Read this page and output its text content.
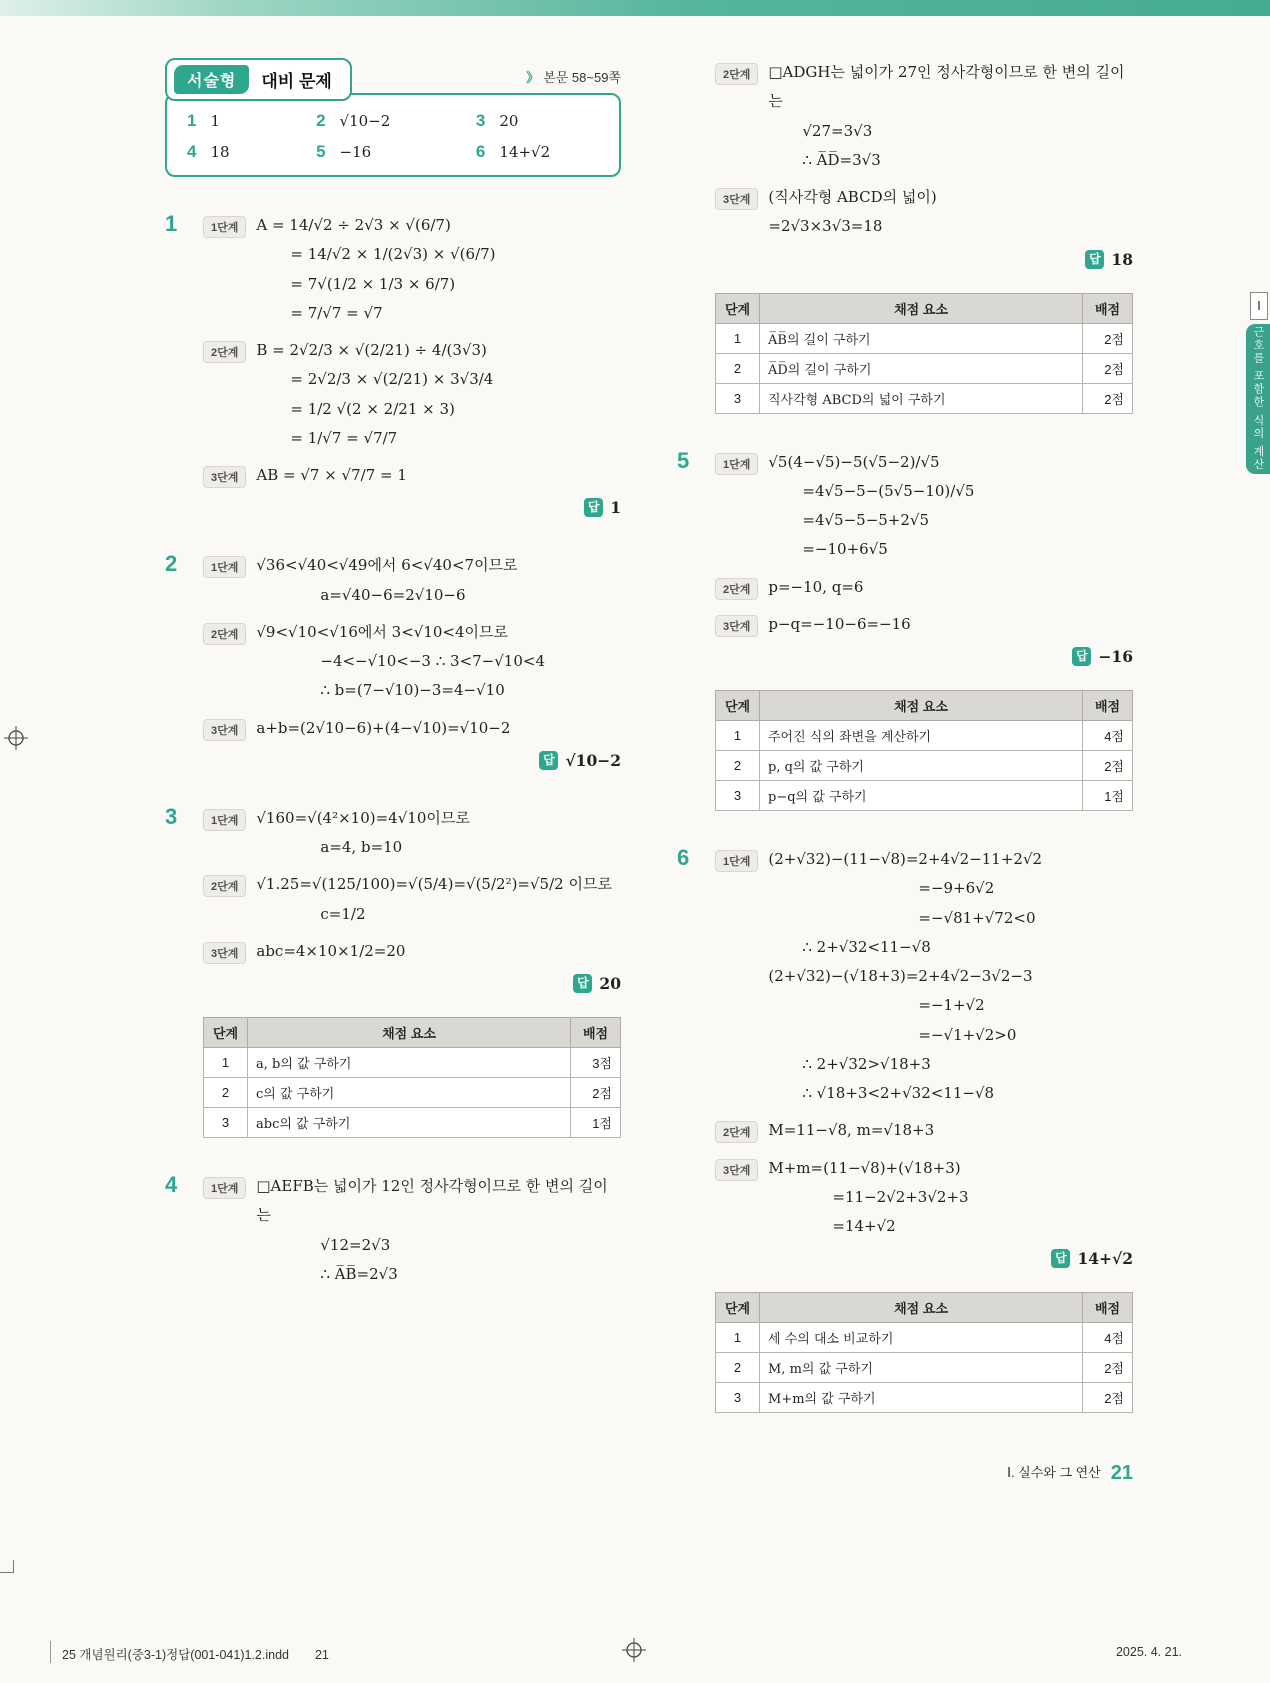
서술형	대비 문제	》 본문 58~59쪽
1 1	2 √10−2	3 20
4 18	5 −16	6 14+√2
1	1단계	A = 14/√2 ÷ 2√3 × √(6/7)
= 14/√2 × 1/(2√3) × √(6/7)
= 7√(1/2 × 1/3 × 6/7)
= 7/√7 = √7
2단계	B = 2√2/3 × √(2/21) ÷ 4/(3√3)
= 2√2/3 × √(2/21) × 3√3/4
= 1/2 √(2 × 2/21 × 3)
= 1/√7 = √7/7
3단계	AB = √7 × √7/7 = 1
답 1
2	1단계	√36<√40<√49에서 6<√40<7이므로
a=√40−6=2√10−6
2단계	√9<√10<√16에서 3<√10<4이므로
−4<−√10<−3 ∴ 3<7−√10<4
∴ b=(7−√10)−3=4−√10
3단계	a+b=(2√10−6)+(4−√10)=√10−2
답 √10−2
3	1단계	√160=√(4²×10)=4√10이므로
a=4, b=10
2단계	√1.25=√(125/100)=√(5/4)=√(5/2²)=√5/2 이므로
c=1/2
3단계	abc=4×10×1/2=20
답 20
단계	채점 요소	배점
1	a, b의 값 구하기	3점
2	c의 값 구하기	2점
3	abc의 값 구하기	1점
4	1단계	□AEFB는 넓이가 12인 정사각형이므로 한 변의 길이는
√12=2√3
∴ A̅B̅=2√3
2단계	□ADGH는 넓이가 27인 정사각형이므로 한 변의 길이는
√27=3√3
∴ A̅D̅=3√3
3단계	(직사각형 ABCD의 넓이)
=2√3×3√3=18
답 18
단계	채점 요소	배점
1	A̅B̅의 길이 구하기	2점
2	A̅D̅의 길이 구하기	2점
3	직사각형 ABCD의 넓이 구하기	2점
5	1단계	√5(4−√5)−5(√5−2)/√5
=4√5−5−(5√5−10)/√5
=4√5−5−5+2√5
=−10+6√5
2단계	p=−10, q=6
3단계	p−q=−10−6=−16
답 −16
단계	채점 요소	배점
1	주어진 식의 좌변을 계산하기	4점
2	p, q의 값 구하기	2점
3	p−q의 값 구하기	1점
6	1단계	(2+√32)−(11−√8)=2+4√2−11+2√2
=−9+6√2
=−√81+√72<0
∴ 2+√32<11−√8
(2+√32)−(√18+3)=2+4√2−3√2−3
=−1+√2
=−√1+√2>0
∴ 2+√32>√18+3
∴ √18+3<2+√32<11−√8
2단계	M=11−√8, m=√18+3
3단계	M+m=(11−√8)+(√18+3)
=11−2√2+3√2+3
=14+√2
답 14+√2
단계	채점 요소	배점
1	세 수의 대소 비교하기	4점
2	M, m의 값 구하기	2점
3	M+m의 값 구하기	2점
Ⅰ
근호를 포함한 식의 계산
Ⅰ. 실수와 그 연산 21
25 개념원리(중3-1)정답(001-041)1.2.indd 21	2025. 4. 21.
